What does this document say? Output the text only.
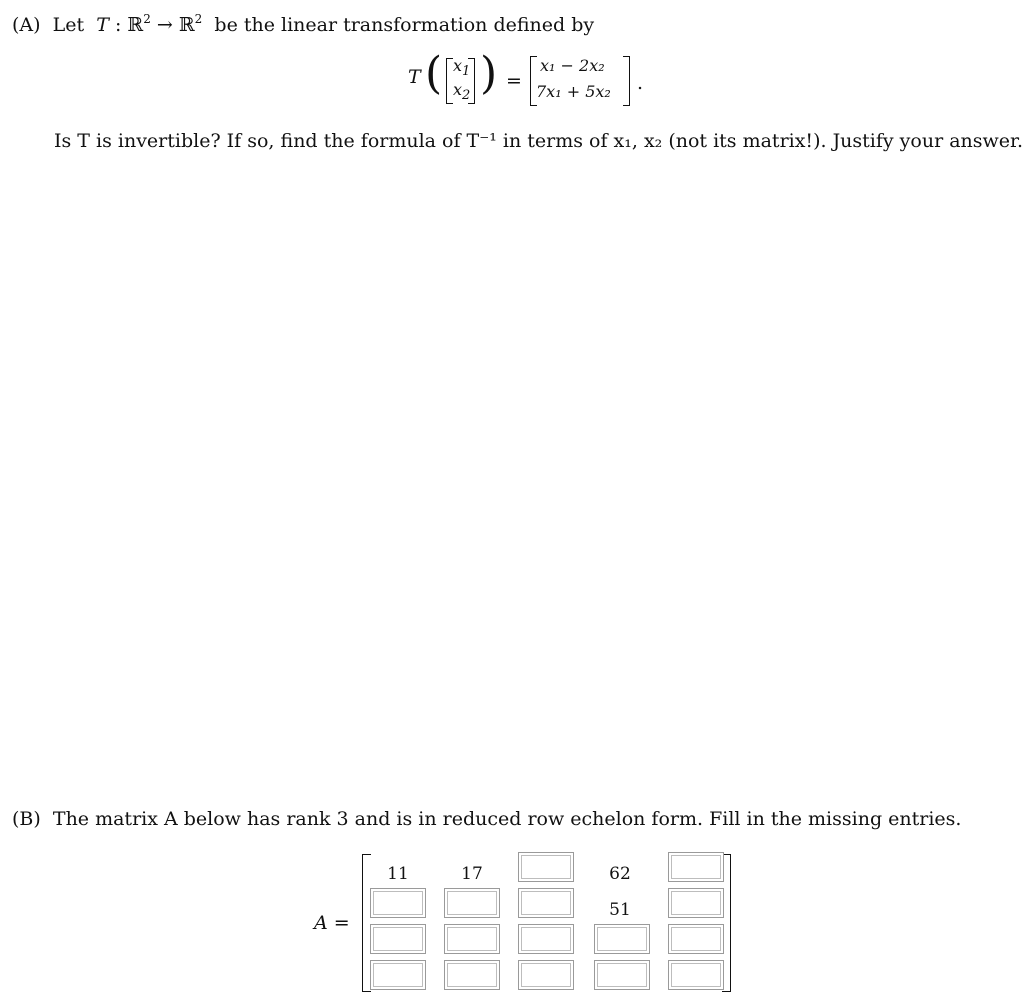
(A) Let T : ℝ$^2$ → ℝ$^2$ be the linear transformation defined by
T ( $x_1$
$x_2$ ) =
x₁ − 2x₂
7x₁ + 5x₂ .
Is T is invertible? If so, find the formula of T⁻¹ in terms of x₁, x₂ (not its matrix!). Justify your answer.
(B) The matrix A below has rank 3 and is in reduced row echelon form. Fill in the missing entries.
A =
11	17	62
51
